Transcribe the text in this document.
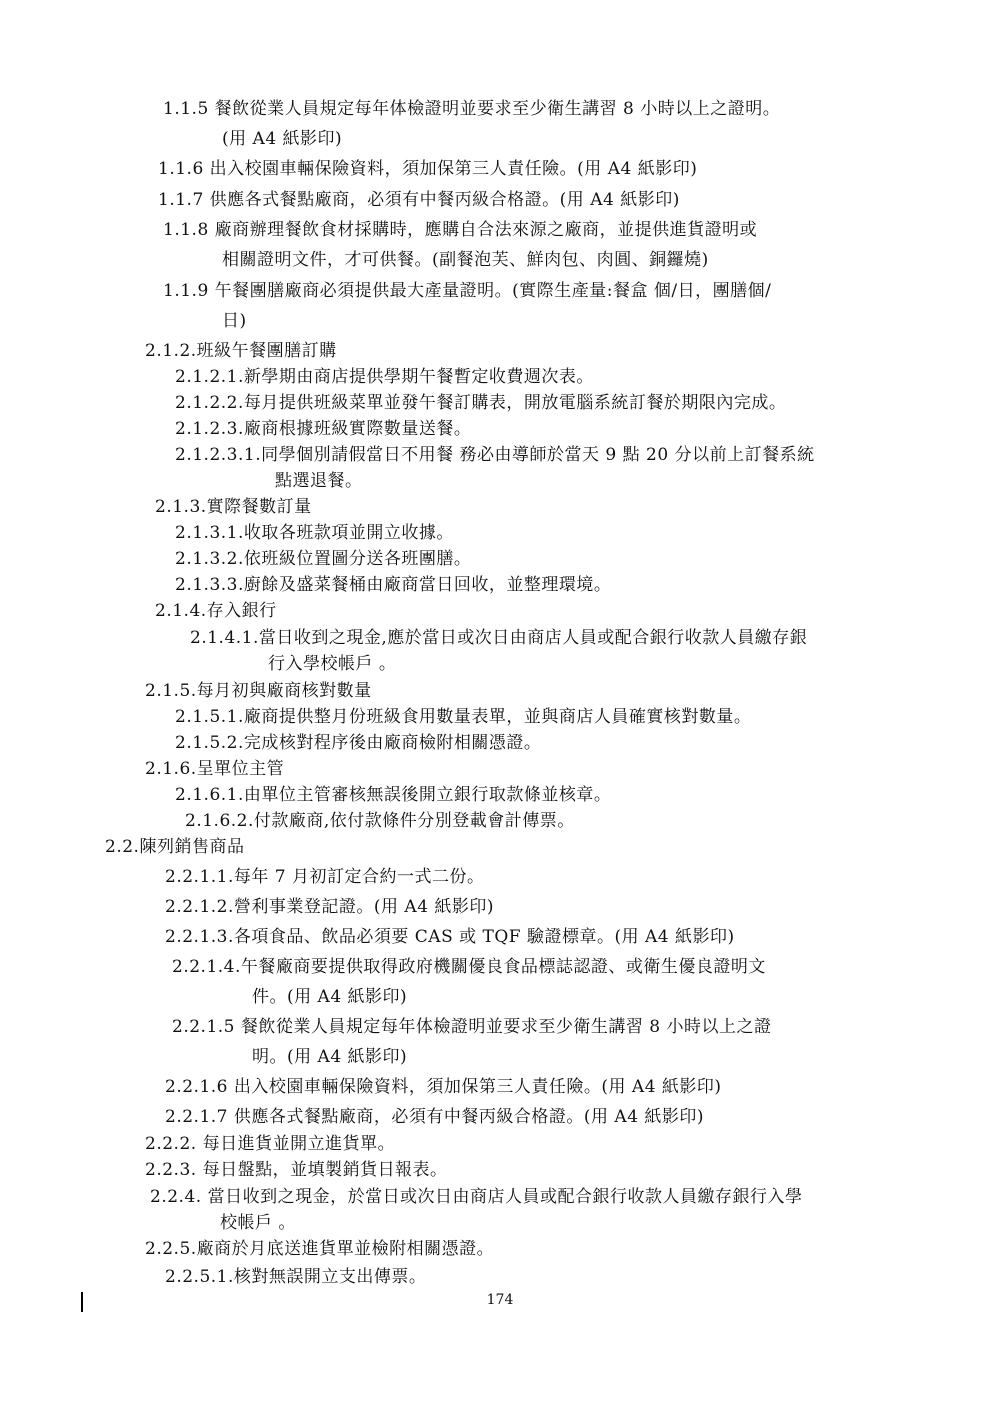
1.1.5 餐飲從業人員規定每年体檢證明並要求至少衛生講習 8 小時以上之證明。
(用 A4 紙影印)
1.1.6 出入校園車輛保險資料，須加保第三人責任險。(用 A4 紙影印)
1.1.7 供應各式餐點廠商，必須有中餐丙級合格證。(用 A4 紙影印)
1.1.8 廠商辦理餐飲食材採購時，應購自合法來源之廠商，並提供進貨證明或
相關證明文件，才可供餐。(副餐泡芙、鮮肉包、肉圓、銅鑼燒)
1.1.9 午餐團膳廠商必須提供最大產量證明。(實際生產量:餐盒 個/日，團膳個/
日)
2.1.2.班級午餐團膳訂購
2.1.2.1.新學期由商店提供學期午餐暫定收費週次表。
2.1.2.2.每月提供班級菜單並發午餐訂購表，開放電腦系統訂餐於期限內完成。
2.1.2.3.廠商根據班級實際數量送餐。
2.1.2.3.1.同學個別請假當日不用餐 務必由導師於當天 9 點 20 分以前上訂餐系統
點選退餐。
2.1.3.實際餐數訂量
2.1.3.1.收取各班款項並開立收據。
2.1.3.2.依班級位置圖分送各班團膳。
2.1.3.3.廚餘及盛菜餐桶由廠商當日回收，並整理環境。
2.1.4.存入銀行
2.1.4.1.當日收到之現金,應於當日或次日由商店人員或配合銀行收款人員繳存銀
行入學校帳戶 。
2.1.5.每月初與廠商核對數量
2.1.5.1.廠商提供整月份班級食用數量表單，並與商店人員確實核對數量。
2.1.5.2.完成核對程序後由廠商檢附相關憑證。
2.1.6.呈單位主管
2.1.6.1.由單位主管審核無誤後開立銀行取款條並核章。
2.1.6.2.付款廠商,依付款條件分別登載會計傳票。
2.2.陳列銷售商品
2.2.1.1.每年 7 月初訂定合約一式二份。
2.2.1.2.營利事業登記證。(用 A4 紙影印)
2.2.1.3.各項食品、飲品必須要 CAS 或 TQF 驗證標章。(用 A4 紙影印)
2.2.1.4.午餐廠商要提供取得政府機關優良食品標誌認證、或衛生優良證明文
件。(用 A4 紙影印)
2.2.1.5 餐飲從業人員規定每年体檢證明並要求至少衛生講習 8 小時以上之證
明。(用 A4 紙影印)
2.2.1.6 出入校園車輛保險資料，須加保第三人責任險。(用 A4 紙影印)
2.2.1.7 供應各式餐點廠商，必須有中餐丙級合格證。(用 A4 紙影印)
2.2.2. 每日進貨並開立進貨單。
2.2.3. 每日盤點，並填製銷貨日報表。
2.2.4. 當日收到之現金，於當日或次日由商店人員或配合銀行收款人員繳存銀行入學
校帳戶 。
2.2.5.廠商於月底送進貨單並檢附相關憑證。
2.2.5.1.核對無誤開立支出傳票。
174
